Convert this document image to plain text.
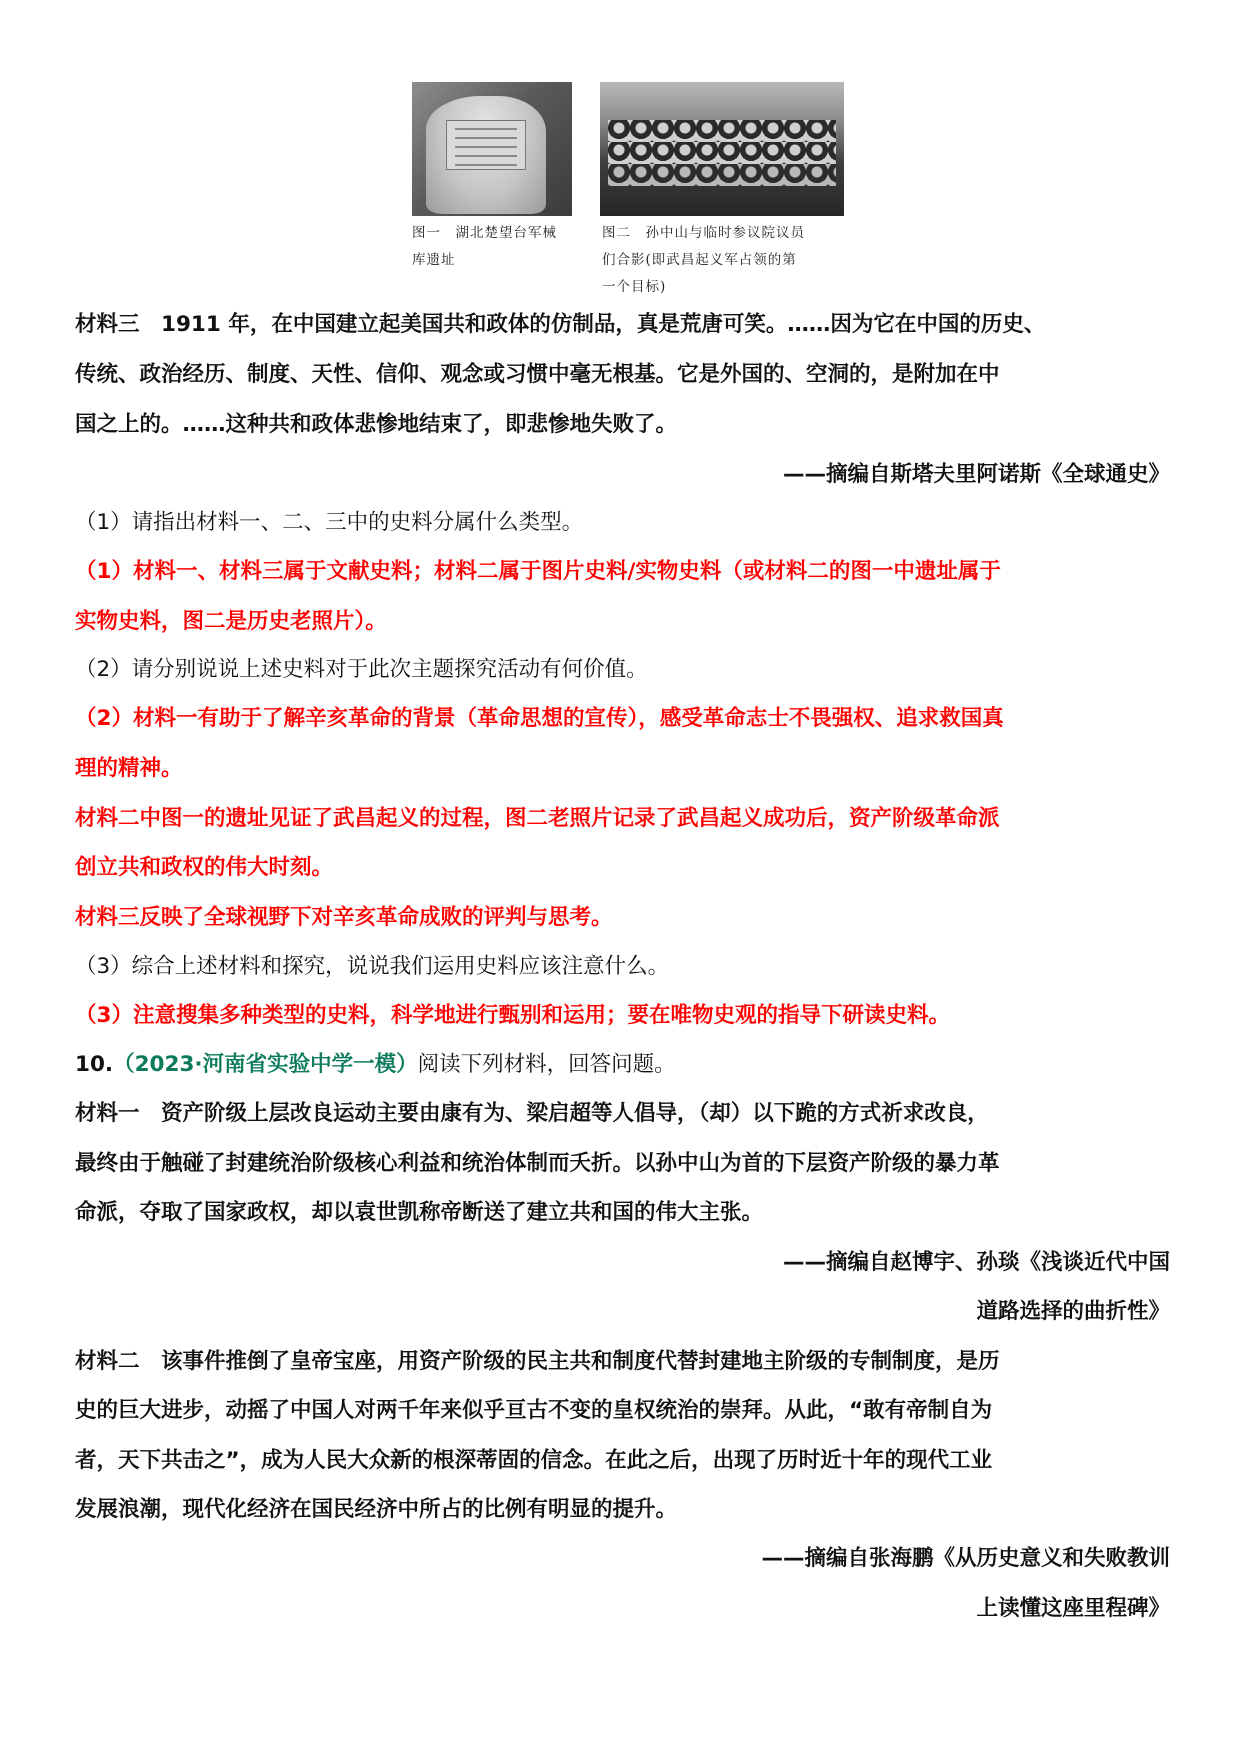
图一　湖北楚望台军械
库遗址
图二　孙中山与临时参议院议员
们合影(即武昌起义军占领的第
一个目标)

材料三　1911 年，在中国建立起美国共和政体的仿制品，真是荒唐可笑。……因为它在中国的历史、

传统、政治经历、制度、天性、信仰、观念或习惯中毫无根基。它是外国的、空洞的，是附加在中

国之上的。……这种共和政体悲惨地结束了，即悲惨地失败了。

——摘编自斯塔夫里阿诺斯《全球通史》

（1）请指出材料一、二、三中的史料分属什么类型。

（1）材料一、材料三属于文献史料；材料二属于图片史料/实物史料（或材料二的图一中遗址属于

实物史料，图二是历史老照片）。

（2）请分别说说上述史料对于此次主题探究活动有何价值。

（2）材料一有助于了解辛亥革命的背景（革命思想的宣传），感受革命志士不畏强权、追求救国真

理的精神。

材料二中图一的遗址见证了武昌起义的过程，图二老照片记录了武昌起义成功后，资产阶级革命派

创立共和政权的伟大时刻。

材料三反映了全球视野下对辛亥革命成败的评判与思考。

（3）综合上述材料和探究，说说我们运用史料应该注意什么。

（3）注意搜集多种类型的史料，科学地进行甄别和运用；要在唯物史观的指导下研读史料。

10.（2023·河南省实验中学一模）阅读下列材料，回答问题。

材料一　资产阶级上层改良运动主要由康有为、梁启超等人倡导，（却）以下跪的方式祈求改良，

最终由于触碰了封建统治阶级核心利益和统治体制而夭折。以孙中山为首的下层资产阶级的暴力革

命派，夺取了国家政权，却以袁世凯称帝断送了建立共和国的伟大主张。

——摘编自赵博宇、孙琰《浅谈近代中国

道路选择的曲折性》

材料二　该事件推倒了皇帝宝座，用资产阶级的民主共和制度代替封建地主阶级的专制制度，是历

史的巨大进步，动摇了中国人对两千年来似乎亘古不变的皇权统治的崇拜。从此，“敢有帝制自为

者，天下共击之”，成为人民大众新的根深蒂固的信念。在此之后，出现了历时近十年的现代工业

发展浪潮，现代化经济在国民经济中所占的比例有明显的提升。

——摘编自张海鹏《从历史意义和失败教训

上读懂这座里程碑》
